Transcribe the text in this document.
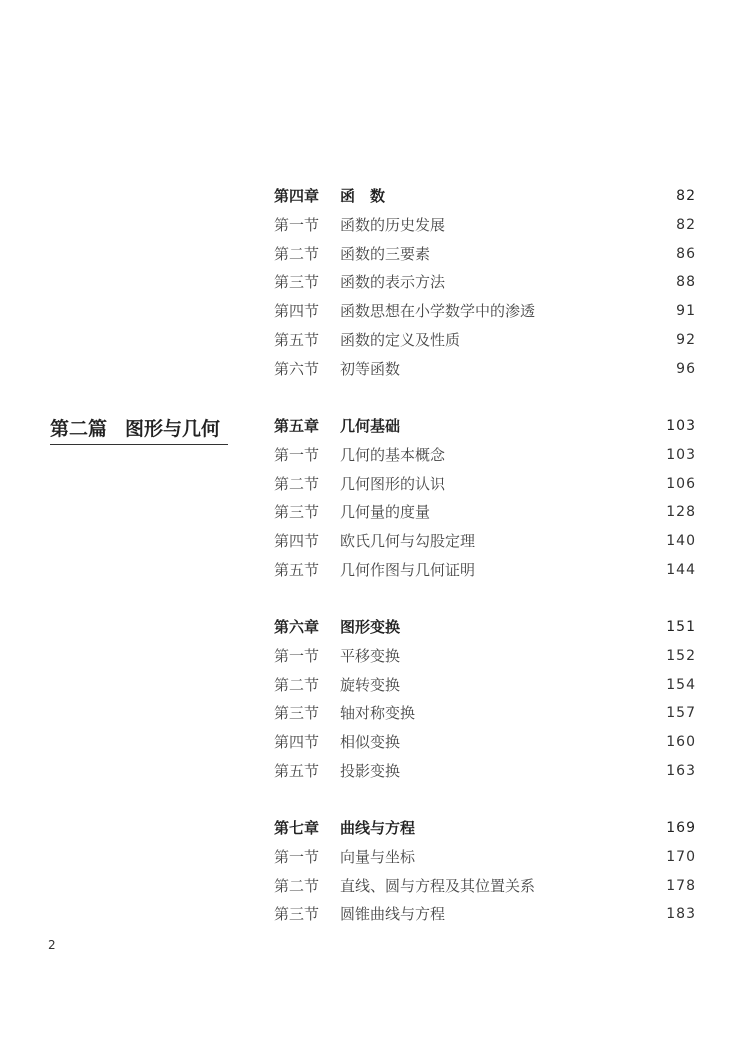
第二篇 图形与几何
第四章 函　数	82
第一节 函数的历史发展	82
第二节 函数的三要素	86
第三节 函数的表示方法	88
第四节 函数思想在小学数学中的渗透	91
第五节 函数的定义及性质	92
第六节 初等函数	96
第五章 几何基础	103
第一节 几何的基本概念	103
第二节 几何图形的认识	106
第三节 几何量的度量	128
第四节 欧氏几何与勾股定理	140
第五节 几何作图与几何证明	144
第六章 图形变换	151
第一节 平移变换	152
第二节 旋转变换	154
第三节 轴对称变换	157
第四节 相似变换	160
第五节 投影变换	163
第七章 曲线与方程	169
第一节 向量与坐标	170
第二节 直线、圆与方程及其位置关系	178
第三节 圆锥曲线与方程	183
2
